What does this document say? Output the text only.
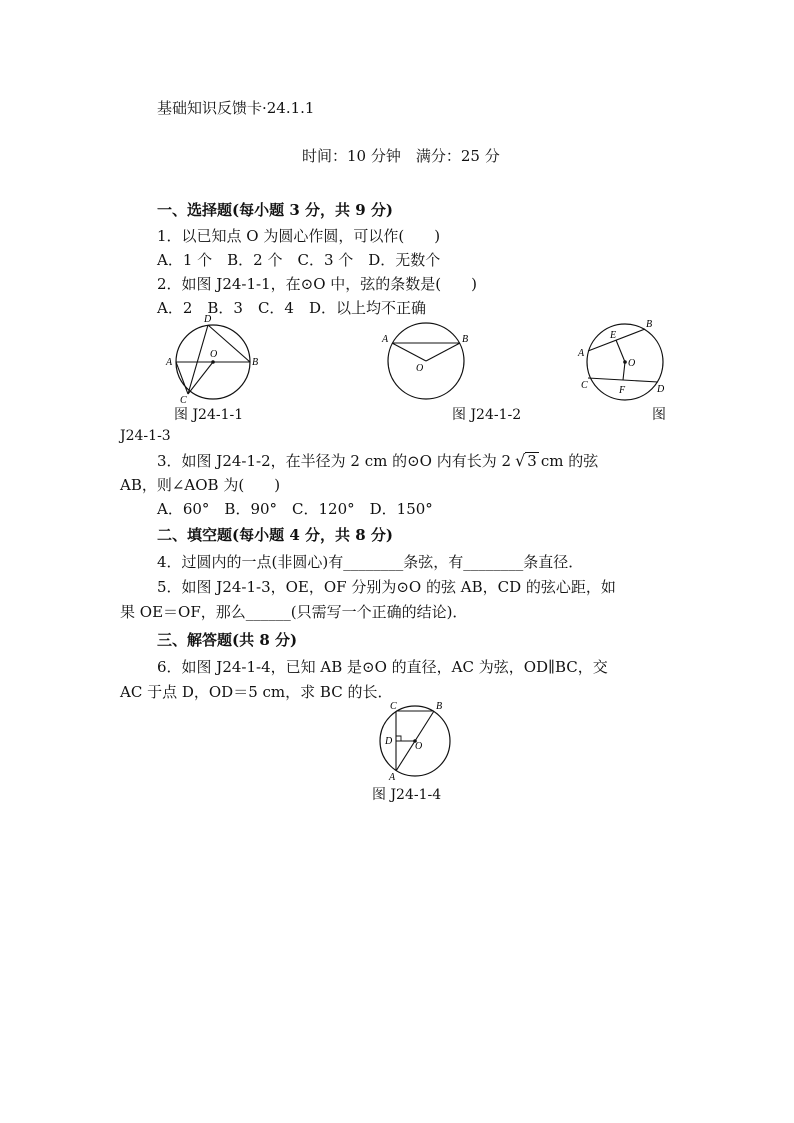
基础知识反馈卡·24.1.1
时间：10 分钟　满分：25 分
一、选择题(每小题 3 分，共 9 分)
1．以已知点 O 为圆心作圆，可以作(　　)
A．1 个　B．2 个　C．3 个　D．无数个
2．如图 J24-1-1，在⊙O 中，弦的条数是(　　)
A．2　B．3　C．4　D．以上均不正确
D
A	B
O
C
图 J24-1-1
A	B
O
图 J24-1-2
A
B
E
O
C	F	D
图
J24-1-3
3．如图 J24-1-2，在半径为 2 cm 的⊙O 内有长为 2 √ 3 cm 的弦
AB，则∠AOB 为(　　)
A．60°　B．90°　C．120°　D．150°
二、填空题(每小题 4 分，共 8 分)
4．过圆内的一点(非圆心)有________条弦，有________条直径．
5．如图 J24-1-3，OE，OF 分别为⊙O 的弦 AB，CD 的弦心距，如
果 OE＝OF，那么______(只需写一个正确的结论)．
三、解答题(共 8 分)
6．如图 J24-1-4，已知 AB 是⊙O 的直径，AC 为弦，OD∥BC，交
AC 于点 D，OD＝5 cm，求 BC 的长．
C	B
D O
A
图 J24-1-4
